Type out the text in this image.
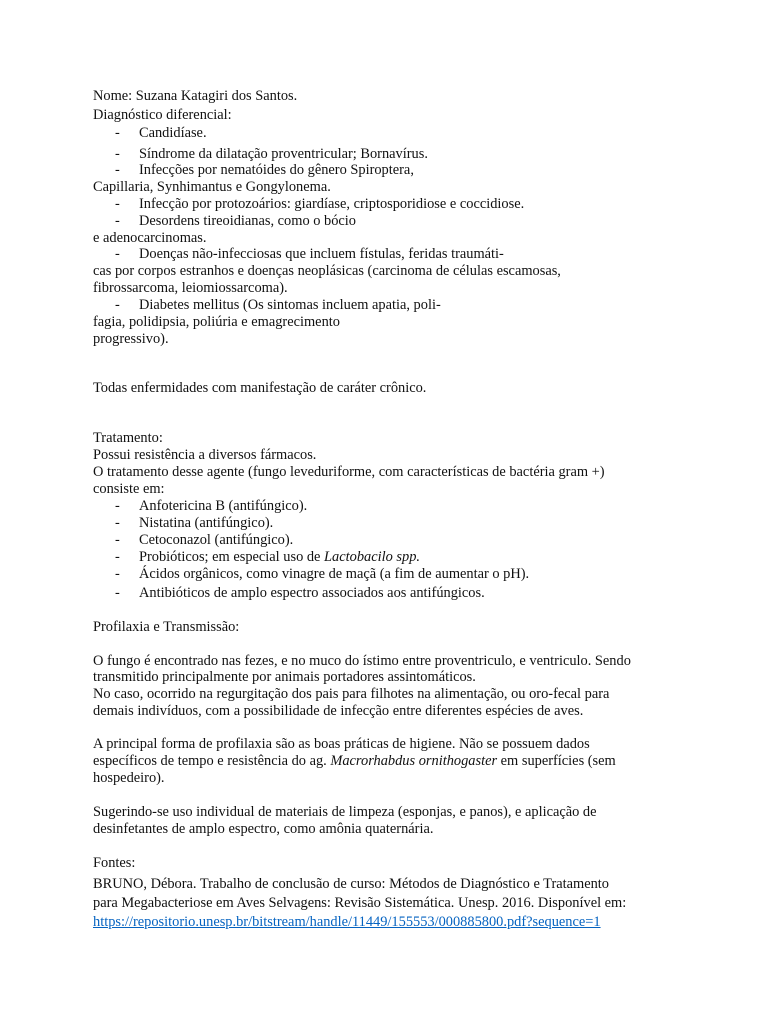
Nome: Suzana Katagiri dos Santos.
Diagnóstico diferencial:
- Candidíase.
- Síndrome da dilatação proventricular; Bornavírus.
- Infecções por nematóides do gênero Spiroptera,
Capillaria, Synhimantus e Gongylonema.
- Infecção por protozoários: giardíase, criptosporidiose e coccidiose.
- Desordens tireoidianas, como o bócio
e adenocarcinomas.
- Doenças não-infecciosas que incluem fístulas, feridas traumáti-
cas por corpos estranhos e doenças neoplásicas (carcinoma de células escamosas,
fibrossarcoma, leiomiossarcoma).
- Diabetes mellitus (Os sintomas incluem apatia, poli-
fagia, polidipsia, poliúria e emagrecimento
progressivo).
Todas enfermidades com manifestação de caráter crônico.
Tratamento:
Possui resistência a diversos fármacos.
O tratamento desse agente (fungo leveduriforme, com características de bactéria gram +)
consiste em:
- Anfotericina B (antifúngico).
- Nistatina (antifúngico).
- Cetoconazol (antifúngico).
- Probióticos; em especial uso de Lactobacilo spp.
- Ácidos orgânicos, como vinagre de maçã (a fim de aumentar o pH).
- Antibióticos de amplo espectro associados aos antifúngicos.
Profilaxia e Transmissão:
O fungo é encontrado nas fezes, e no muco do ístimo entre proventriculo, e ventriculo. Sendo
transmitido principalmente por animais portadores assintomáticos.
No caso, ocorrido na regurgitação dos pais para filhotes na alimentação, ou oro-fecal para
demais indivíduos, com a possibilidade de infecção entre diferentes espécies de aves.
A principal forma de profilaxia são as boas práticas de higiene. Não se possuem dados
específicos de tempo e resistência do ag. Macrorhabdus ornithogaster em superfícies (sem
hospedeiro).
Sugerindo-se uso individual de materiais de limpeza (esponjas, e panos), e aplicação de
desinfetantes de amplo espectro, como amônia quaternária.
Fontes:
BRUNO, Débora. Trabalho de conclusão de curso: Métodos de Diagnóstico e Tratamento
para Megabacteriose em Aves Selvagens: Revisão Sistemática. Unesp. 2016. Disponível em:
https://repositorio.unesp.br/bitstream/handle/11449/155553/000885800.pdf?sequence=1
